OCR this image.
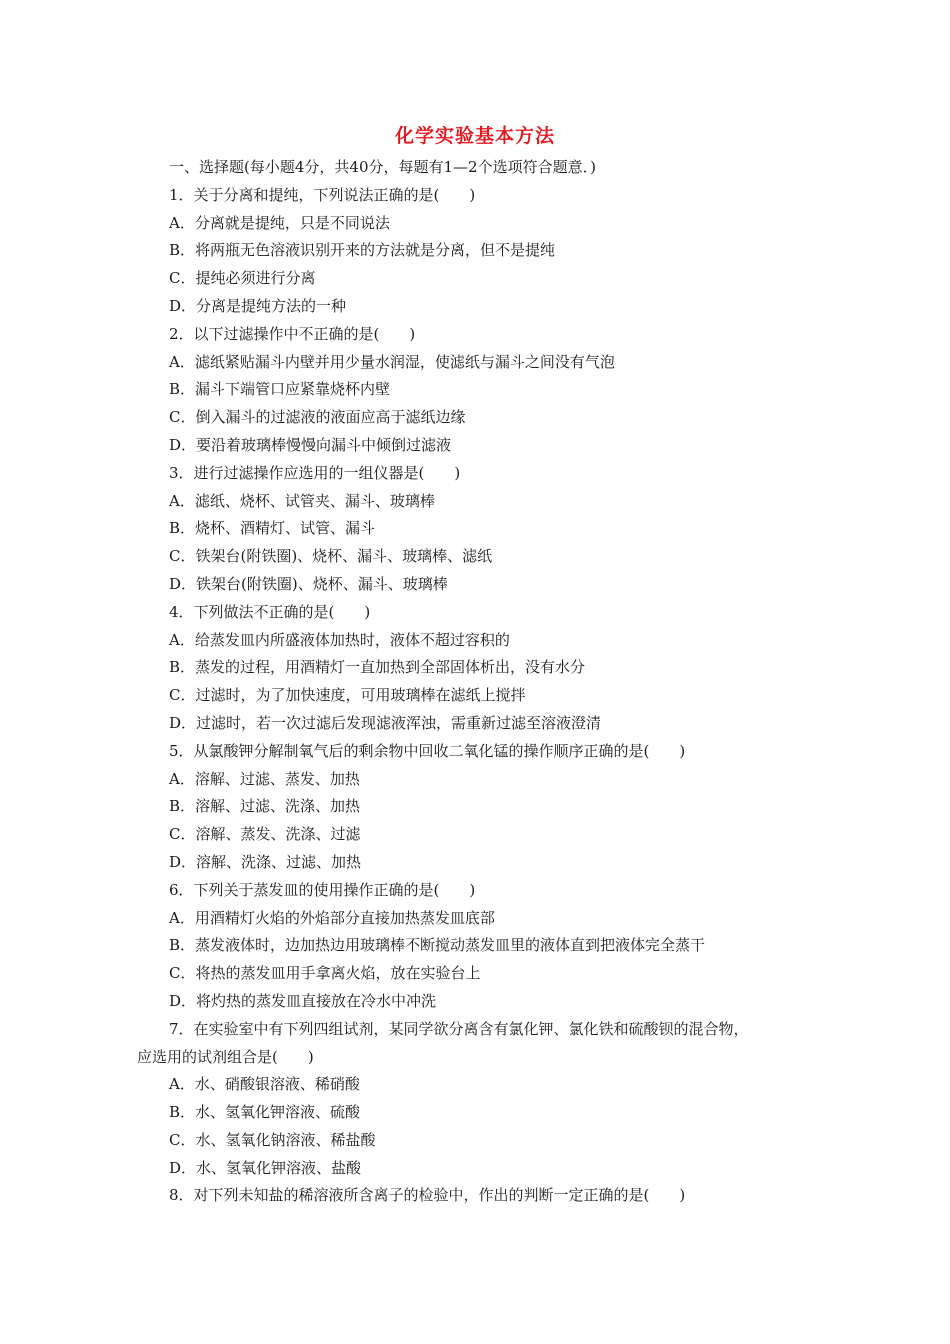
化学实验基本方法
一、选择题(每小题4分，共40分，每题有1—2个选项符合题意．)
1．关于分离和提纯，下列说法正确的是(　　)
A．分离就是提纯，只是不同说法
B．将两瓶无色溶液识别开来的方法就是分离，但不是提纯
C．提纯必须进行分离
D．分离是提纯方法的一种
2．以下过滤操作中不正确的是(　　)
A．滤纸紧贴漏斗内壁并用少量水润湿，使滤纸与漏斗之间没有气泡
B．漏斗下端管口应紧靠烧杯内壁
C．倒入漏斗的过滤液的液面应高于滤纸边缘
D．要沿着玻璃棒慢慢向漏斗中倾倒过滤液
3．进行过滤操作应选用的一组仪器是(　　)
A．滤纸、烧杯、试管夹、漏斗、玻璃棒
B．烧杯、酒精灯、试管、漏斗
C．铁架台(附铁圈)、烧杯、漏斗、玻璃棒、滤纸
D．铁架台(附铁圈)、烧杯、漏斗、玻璃棒
4．下列做法不正确的是(　　)
A．给蒸发皿内所盛液体加热时，液体不超过容积的
B．蒸发的过程，用酒精灯一直加热到全部固体析出，没有水分
C．过滤时，为了加快速度，可用玻璃棒在滤纸上搅拌
D．过滤时，若一次过滤后发现滤液浑浊，需重新过滤至溶液澄清
5．从氯酸钾分解制氧气后的剩余物中回收二氧化锰的操作顺序正确的是(　　)
A．溶解、过滤、蒸发、加热
B．溶解、过滤、洗涤、加热
C．溶解、蒸发、洗涤、过滤
D．溶解、洗涤、过滤、加热
6．下列关于蒸发皿的使用操作正确的是(　　)
A．用酒精灯火焰的外焰部分直接加热蒸发皿底部
B．蒸发液体时，边加热边用玻璃棒不断搅动蒸发皿里的液体直到把液体完全蒸干
C．将热的蒸发皿用手拿离火焰，放在实验台上
D．将灼热的蒸发皿直接放在冷水中冲洗
7．在实验室中有下列四组试剂，某同学欲分离含有氯化钾、氯化铁和硫酸钡的混合物，
应选用的试剂组合是(　　)
A．水、硝酸银溶液、稀硝酸
B．水、氢氧化钾溶液、硫酸
C．水、氢氧化钠溶液、稀盐酸
D．水、氢氧化钾溶液、盐酸
8．对下列未知盐的稀溶液所含离子的检验中，作出的判断一定正确的是(　　)
